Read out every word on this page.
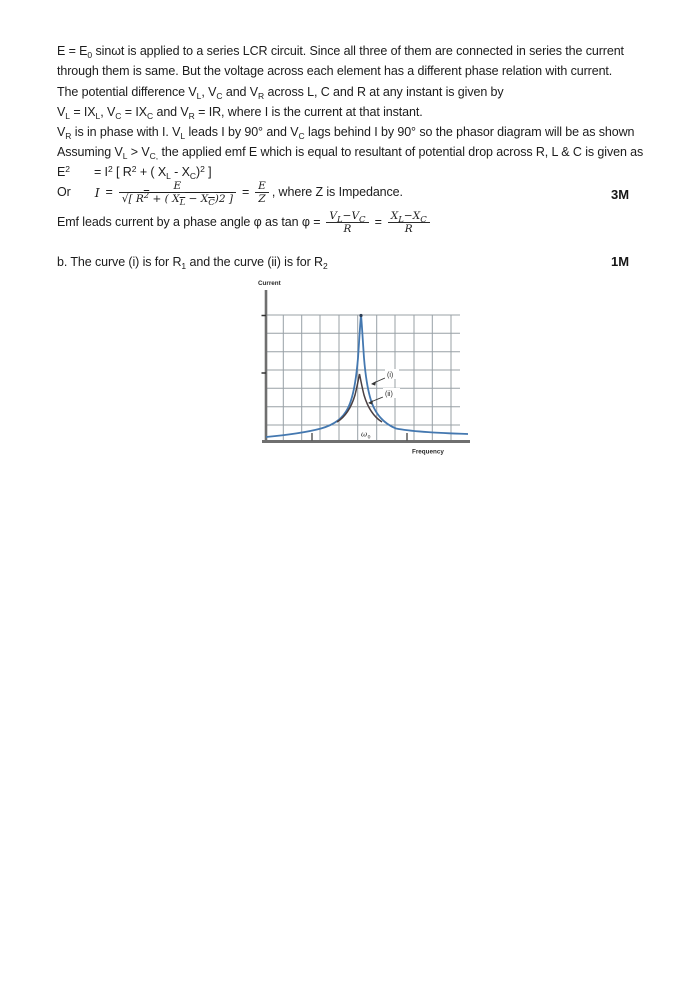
$E = E_0$ sinωt is applied to a series LCR circuit. Since all three of them are connected in series the current
through them is same. But the voltage across each element has a different phase relation with current.
The potential difference $V_L$, $V_C$ and $V_R$ across L, C and R at any instant is given by
$V_L = IX_L$, $V_C = IX_C$ and $V_R$ = IR, where I is the current at that instant.
$V_R$ is in phase with I. $V_L$ leads I by 90° and $V_C$ lags behind I by 90° so the phasor diagram will be as shown
Assuming $V_L > V_{C,}$ the applied emf E which is equal to resultant of potential drop across R, L & C is given as
$E^2 = I^2$ [ $R^2$ + ( $X_L - X_C)^2$ ]
Or $I = \frac{E}{√[ R^2 + ( X_L - X_C)2 ]} = \frac{E}{Z}$ , where Z is Impedance.
Emf leads current by a phase angle φ as $\tan \varphi = \frac{V_L-V_C}{R} = \frac{X_L-X_C}{R}$
b. The curve (i) is for $R_1$ and the curve (ii) is for $R_2$
3M
1M
Current
Frequency
(i)
(ii)
ω 0
